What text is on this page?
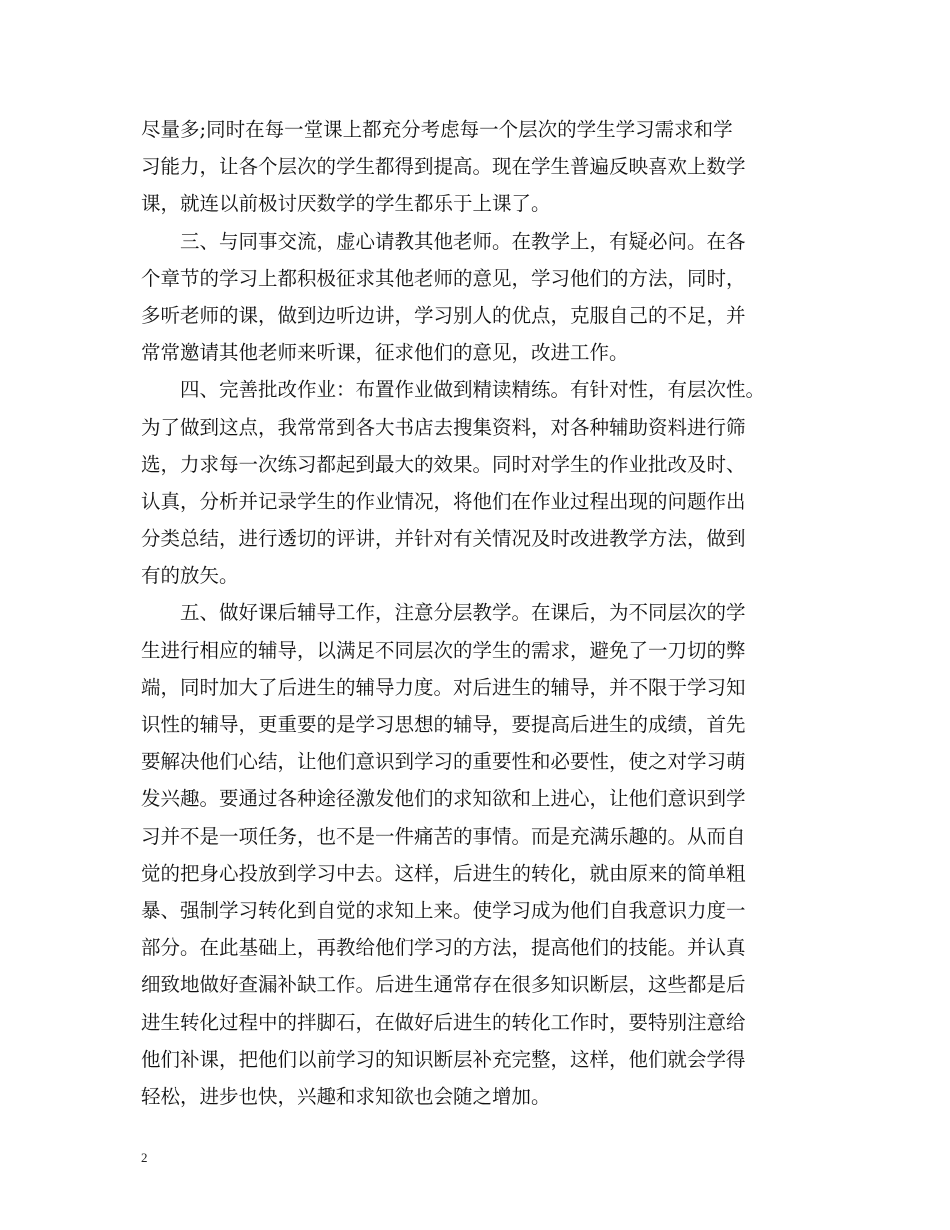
尽量多;同时在每一堂课上都充分考虑每一个层次的学生学习需求和学
习能力，让各个层次的学生都得到提高。现在学生普遍反映喜欢上数学
课，就连以前极讨厌数学的学生都乐于上课了。
三、与同事交流，虚心请教其他老师。在教学上，有疑必问。在各
个章节的学习上都积极征求其他老师的意见，学习他们的方法，同时，
多听老师的课，做到边听边讲，学习别人的优点，克服自己的不足，并
常常邀请其他老师来听课，征求他们的意见，改进工作。
四、完善批改作业：布置作业做到精读精练。有针对性，有层次性。
为了做到这点，我常常到各大书店去搜集资料，对各种辅助资料进行筛
选，力求每一次练习都起到最大的效果。同时对学生的作业批改及时、
认真，分析并记录学生的作业情况，将他们在作业过程出现的问题作出
分类总结，进行透切的评讲，并针对有关情况及时改进教学方法，做到
有的放矢。
五、做好课后辅导工作，注意分层教学。在课后，为不同层次的学
生进行相应的辅导，以满足不同层次的学生的需求，避免了一刀切的弊
端，同时加大了后进生的辅导力度。对后进生的辅导，并不限于学习知
识性的辅导，更重要的是学习思想的辅导，要提高后进生的成绩，首先
要解决他们心结，让他们意识到学习的重要性和必要性，使之对学习萌
发兴趣。要通过各种途径激发他们的求知欲和上进心，让他们意识到学
习并不是一项任务，也不是一件痛苦的事情。而是充满乐趣的。从而自
觉的把身心投放到学习中去。这样，后进生的转化，就由原来的简单粗
暴、强制学习转化到自觉的求知上来。使学习成为他们自我意识力度一
部分。在此基础上，再教给他们学习的方法，提高他们的技能。并认真
细致地做好查漏补缺工作。后进生通常存在很多知识断层，这些都是后
进生转化过程中的拌脚石，在做好后进生的转化工作时，要特别注意给
他们补课，把他们以前学习的知识断层补充完整，这样，他们就会学得
轻松，进步也快，兴趣和求知欲也会随之增加。
2
